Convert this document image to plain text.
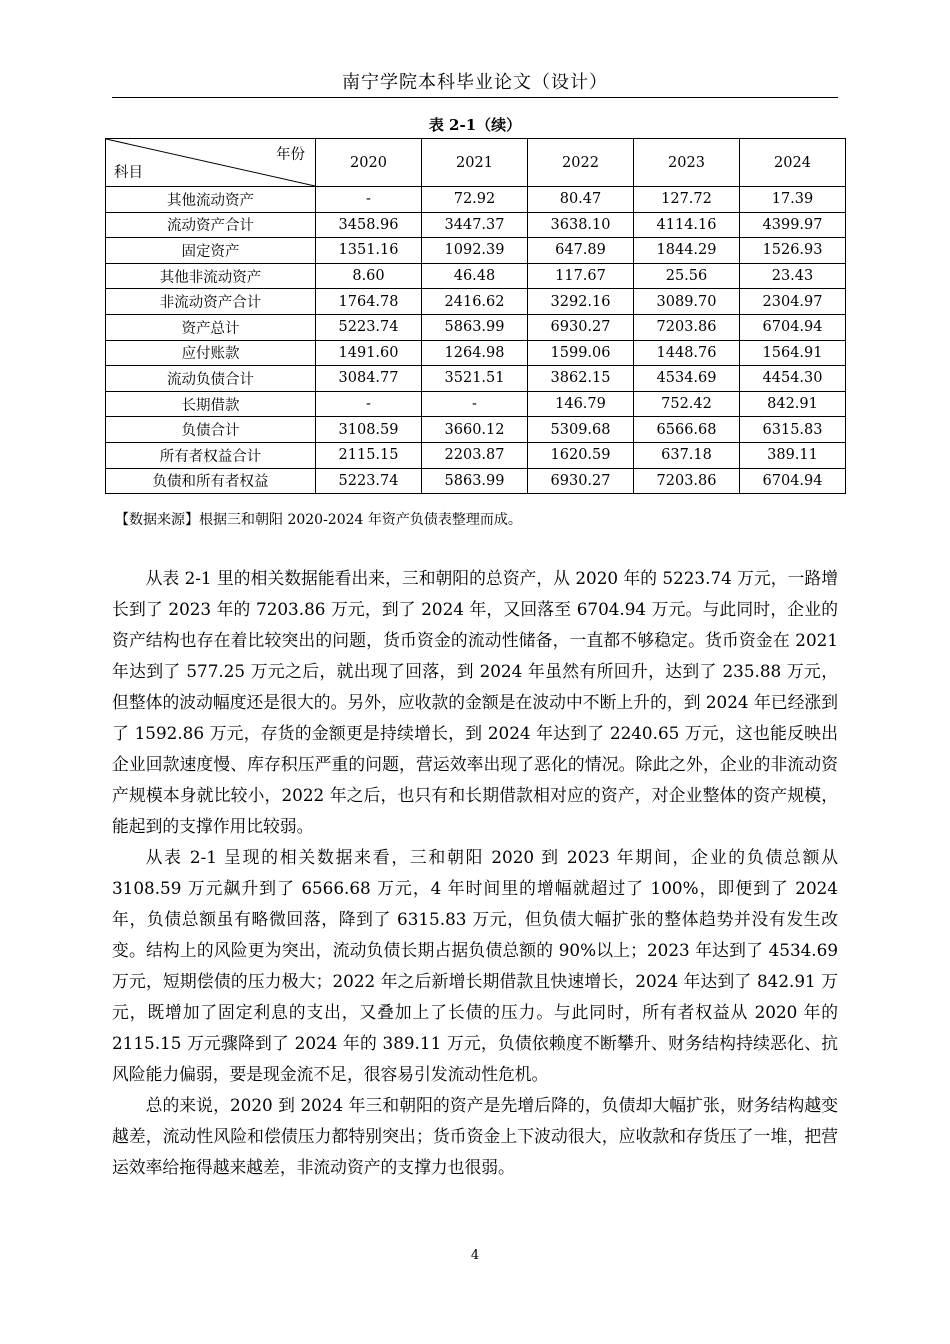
南宁学院本科毕业论文（设计）
表 2-1（续）
年份
科目	2020	2021	2022	2023	2024
其他流动资产	-	72.92	80.47	127.72	17.39
流动资产合计	3458.96	3447.37	3638.10	4114.16	4399.97
固定资产	1351.16	1092.39	647.89	1844.29	1526.93
其他非流动资产	8.60	46.48	117.67	25.56	23.43
非流动资产合计	1764.78	2416.62	3292.16	3089.70	2304.97
资产总计	5223.74	5863.99	6930.27	7203.86	6704.94
应付账款	1491.60	1264.98	1599.06	1448.76	1564.91
流动负债合计	3084.77	3521.51	3862.15	4534.69	4454.30
长期借款	-	-	146.79	752.42	842.91
负债合计	3108.59	3660.12	5309.68	6566.68	6315.83
所有者权益合计	2115.15	2203.87	1620.59	637.18	389.11
负债和所有者权益	5223.74	5863.99	6930.27	7203.86	6704.94
【数据来源】根据三和朝阳 2020-2024 年资产负债表整理而成。

从表 2-1 里的相关数据能看出来，三和朝阳的总资产，从 2020 年的 5223.74 万元，一路增长到了 2023 年的 7203.86 万元，到了 2024 年，又回落至 6704.94 万元。与此同时，企业的资产结构也存在着比较突出的问题，货币资金的流动性储备，一直都不够稳定。货币资金在 2021 年达到了 577.25 万元之后，就出现了回落，到 2024 年虽然有所回升，达到了 235.88 万元，但整体的波动幅度还是很大的。另外，应收款的金额是在波动中不断上升的，到 2024 年已经涨到了 1592.86 万元，存货的金额更是持续增长，到 2024 年达到了 2240.65 万元，这也能反映出企业回款速度慢、库存积压严重的问题，营运效率出现了恶化的情况。除此之外，企业的非流动资产规模本身就比较小，2022 年之后，也只有和长期借款相对应的资产，对企业整体的资产规模，能起到的支撑作用比较弱。

从表 2-1 呈现的相关数据来看，三和朝阳 2020 到 2023 年期间，企业的负债总额从 3108.59 万元飙升到了 6566.68 万元，4 年时间里的增幅就超过了 100%，即便到了 2024 年，负债总额虽有略微回落，降到了 6315.83 万元，但负债大幅扩张的整体趋势并没有发生改变。结构上的风险更为突出，流动负债长期占据负债总额的 90%以上；2023 年达到了 4534.69 万元，短期偿债的压力极大；2022 年之后新增长期借款且快速增长，2024 年达到了 842.91 万元，既增加了固定利息的支出，又叠加上了长债的压力。与此同时，所有者权益从 2020 年的 2115.15 万元骤降到了 2024 年的 389.11 万元，负债依赖度不断攀升、财务结构持续恶化、抗风险能力偏弱，要是现金流不足，很容易引发流动性危机。

总的来说，2020 到 2024 年三和朝阳的资产是先增后降的，负债却大幅扩张，财务结构越变越差，流动性风险和偿债压力都特别突出；货币资金上下波动很大，应收款和存货压了一堆，把营运效率给拖得越来越差，非流动资产的支撑力也很弱。

4
